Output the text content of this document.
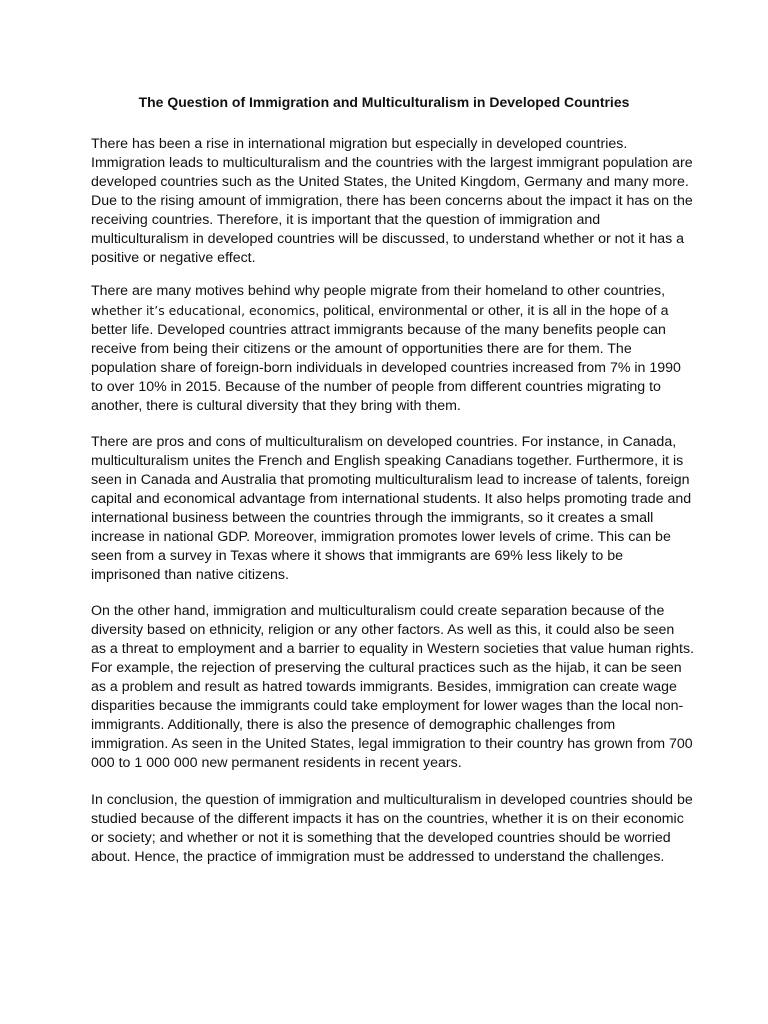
The Question of Immigration and Multiculturalism in Developed Countries
There has been a rise in international migration but especially in developed countries.
Immigration leads to multiculturalism and the countries with the largest immigrant population are
developed countries such as the United States, the United Kingdom, Germany and many more.
Due to the rising amount of immigration, there has been concerns about the impact it has on the
receiving countries. Therefore, it is important that the question of immigration and
multiculturalism in developed countries will be discussed, to understand whether or not it has a
positive or negative effect.
There are many motives behind why people migrate from their homeland to other countries,
whether it’s educational, economics, political, environmental or other, it is all in the hope of a
better life. Developed countries attract immigrants because of the many benefits people can
receive from being their citizens or the amount of opportunities there are for them. The
population share of foreign-born individuals in developed countries increased from 7% in 1990
to over 10% in 2015. Because of the number of people from different countries migrating to
another, there is cultural diversity that they bring with them.
There are pros and cons of multiculturalism on developed countries. For instance, in Canada,
multiculturalism unites the French and English speaking Canadians together. Furthermore, it is
seen in Canada and Australia that promoting multiculturalism lead to increase of talents, foreign
capital and economical advantage from international students. It also helps promoting trade and
international business between the countries through the immigrants, so it creates a small
increase in national GDP. Moreover, immigration promotes lower levels of crime. This can be
seen from a survey in Texas where it shows that immigrants are 69% less likely to be
imprisoned than native citizens.
On the other hand, immigration and multiculturalism could create separation because of the
diversity based on ethnicity, religion or any other factors. As well as this, it could also be seen
as a threat to employment and a barrier to equality in Western societies that value human rights.
For example, the rejection of preserving the cultural practices such as the hijab, it can be seen
as a problem and result as hatred towards immigrants. Besides, immigration can create wage
disparities because the immigrants could take employment for lower wages than the local non-
immigrants. Additionally, there is also the presence of demographic challenges from
immigration. As seen in the United States, legal immigration to their country has grown from 700
000 to 1 000 000 new permanent residents in recent years.
In conclusion, the question of immigration and multiculturalism in developed countries should be
studied because of the different impacts it has on the countries, whether it is on their economic
or society; and whether or not it is something that the developed countries should be worried
about. Hence, the practice of immigration must be addressed to understand the challenges.
